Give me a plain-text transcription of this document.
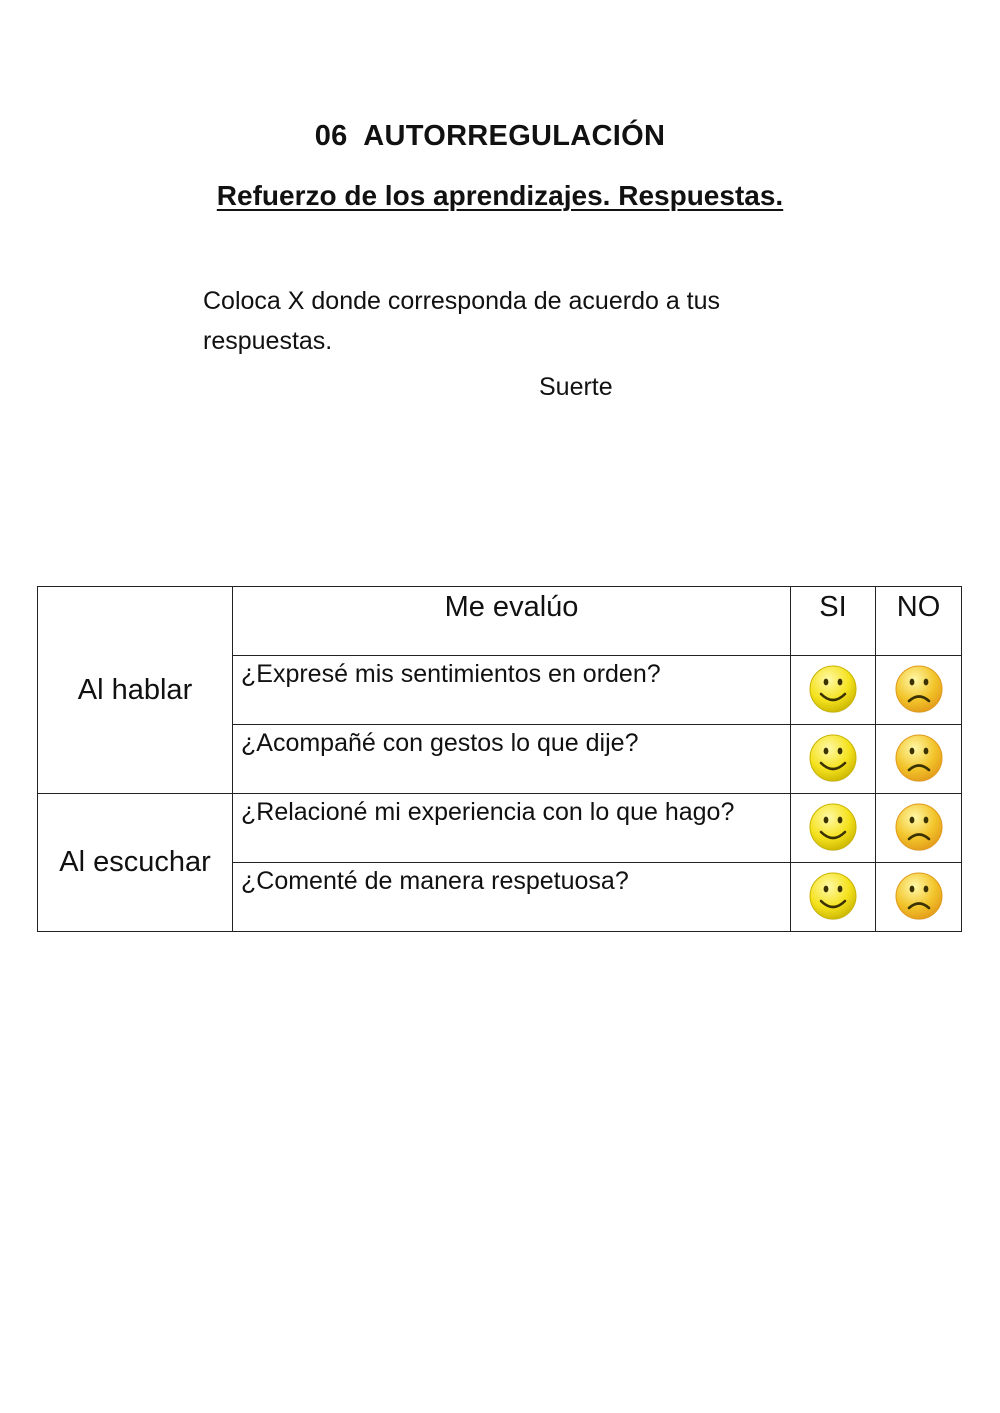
06  AUTORREGULACIÓN
Refuerzo de los aprendizajes. Respuestas.
Coloca X donde corresponda de acuerdo a tus respuestas.
Suerte
Al hablar	Me evalúo	SI	NO
	¿Expresé mis sentimientos en orden?	

	¿Acompañé con gestos lo que dije?	

Al escuchar	¿Relacioné mi experiencia con lo que hago?	

	¿Comenté de manera respetuosa?	
